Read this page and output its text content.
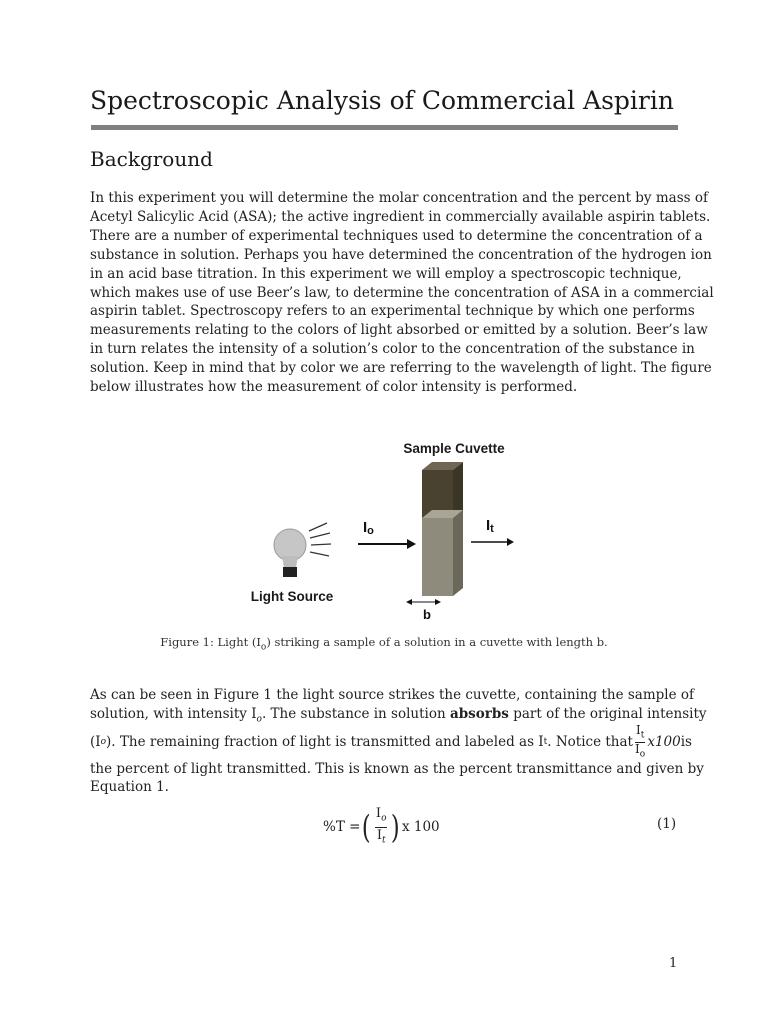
Spectroscopic Analysis of Commercial Aspirin
Background

In this experiment you will determine the molar concentration and the percent by mass of
Acetyl Salicylic Acid (ASA); the active ingredient in commercially available aspirin tablets.
There are a number of experimental techniques used to determine the concentration of a
substance in solution. Perhaps you have determined the concentration of the hydrogen ion
in an acid base titration. In this experiment we will employ a spectroscopic technique,
which makes use of use Beer’s law, to determine the concentration of ASA in a commercial
aspirin tablet. Spectroscopy refers to an experimental technique by which one performs
measurements relating to the colors of light absorbed or emitted by a solution. Beer’s law
in turn relates the intensity of a solution’s color to the concentration of the substance in
solution. Keep in mind that by color we are referring to the wavelength of light. The figure
below illustrates how the measurement of color intensity is performed.

Sample Cuvette
Io	It
b
Light Source

Figure 1: Light $(I_o)$ striking a sample of a solution in a cuvette with length b.

As can be seen in Figure 1 the light source strikes the cuvette, containing the sample of
solution, with intensity $I_o$. The substance in solution absorbs part of the original intensity
(I o ). The remaining fraction of light is transmitted and labeled as I t . Notice that $\frac{I_t}{I_o} x100$ is
the percent of light transmitted. This is known as the percent transmittance and given by
Equation 1.
%T = ( $\frac{I_o}{I_t}$ ) x 100	(1)
1
